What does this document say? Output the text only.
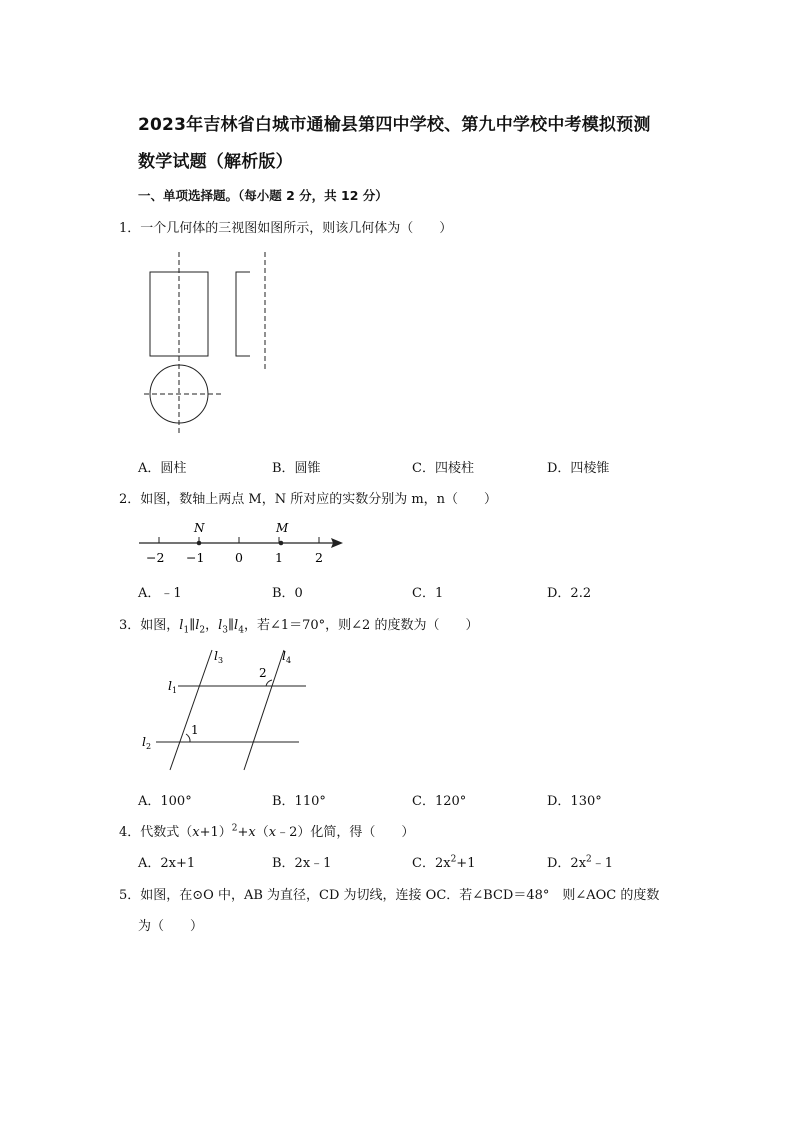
2023年吉林省白城市通榆县第四中学校、第九中学校中考模拟预测
数学试题（解析版）
一、单项选择题。（每小题 2 分，共 12 分）
1．一个几何体的三视图如图所示，则该几何体为（　　）
A．圆柱	B．圆锥	C．四棱柱	D．四棱锥
2．如图，数轴上两点 M，N 所对应的实数分别为 m，n（　　）
N	M
−2 −1 0	1	2
A．﹣1	B．0	C．1	D．2.2
3．如图，$l_1\parallel l_2$，$l_3\parallel l_4$，若∠1＝70°，则∠2 的度数为（　　）
$l_3$	$l_4$
$l_1$
$l_2$
1
2
A．100°	B．110°	C．120°	D．130°
4．代数式$(x+1)^2+x(x﹣2)$化简，得（　　）
A．2x+1	B．2x﹣1	C．$2x^2+1$	D．$2x^2﹣1$
5．如图，在⊙O 中，AB 为直径，CD 为切线，连接 OC．若∠BCD＝48°　则∠AOC 的度数
为（　　）
